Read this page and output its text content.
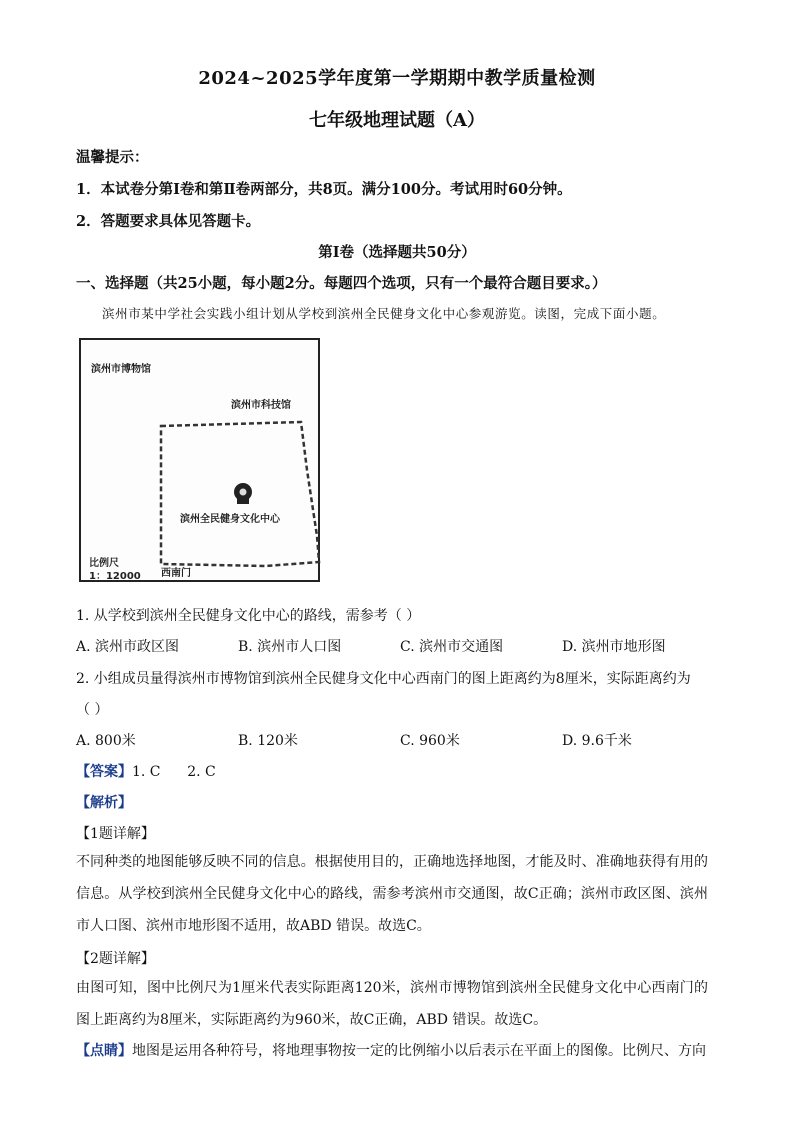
2024~2025学年度第一学期期中教学质量检测
七年级地理试题（A）
温馨提示：
1．本试卷分第Ⅰ卷和第Ⅱ卷两部分，共8页。满分100分。考试用时60分钟。
2．答题要求具体见答题卡。
第Ⅰ卷（选择题共50分）
一、选择题（共25小题，每小题2分。每题四个选项，只有一个最符合题目要求。）
滨州市某中学社会实践小组计划从学校到滨州全民健身文化中心参观游览。读图，完成下面小题。
滨州市博物馆
滨州市科技馆
滨州全民健身文化中心
比例尺
1：12000 西南门
1. 从学校到滨州全民健身文化中心的路线，需参考（ ）
A. 滨州市政区图	B. 滨州市人口图	C. 滨州市交通图	D. 滨州市地形图
2. 小组成员量得滨州市博物馆到滨州全民健身文化中心西南门的图上距离约为8厘米，实际距离约为
（ ）
A. 800米	B. 120米	C. 960米	D. 9.6千米
【答案】1. C      2. C
【解析】
【1题详解】
不同种类的地图能够反映不同的信息。根据使用目的，正确地选择地图，才能及时、准确地获得有用的信息。从学校到滨州全民健身文化中心的路线，需参考滨州市交通图，故C正确；滨州市政区图、滨州市人口图、滨州市地形图不适用，故ABD 错误。故选C。
【2题详解】
由图可知，图中比例尺为1厘米代表实际距离120米，滨州市博物馆到滨州全民健身文化中心西南门的图上距离约为8厘米，实际距离约为960米，故C正确，ABD 错误。故选C。
【点睛】地图是运用各种符号，将地理事物按一定的比例缩小以后表示在平面上的图像。比例尺、方向
